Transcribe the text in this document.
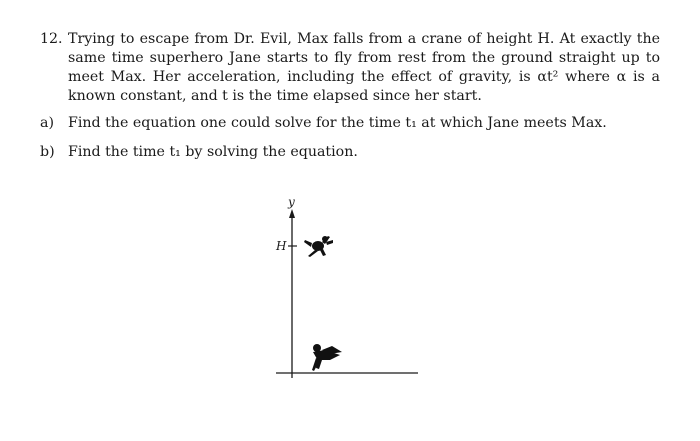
12. Trying to escape from Dr. Evil, Max falls from a crane of height H. At exactly the same time superhero Jane starts to fly from rest from the ground straight up to meet Max. Her acceleration, including the effect of gravity, is αt² where α is a known constant, and t is the time elapsed since her start.
a) Find the equation one could solve for the time t₁ at which Jane meets Max.
b) Find the time t₁ by solving the equation.
y
H
